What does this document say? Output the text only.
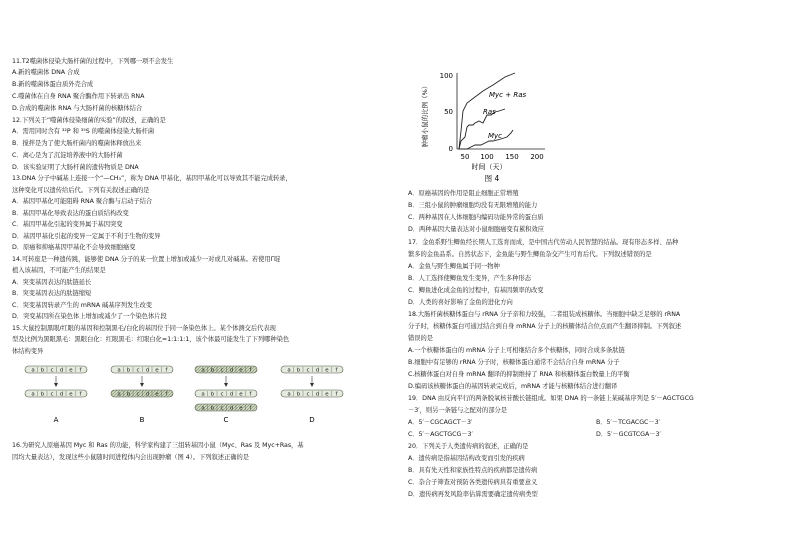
11.T2噬菌体侵染大肠杆菌的过程中，下列哪一项不会发生
A.新的噬菌体 DNA 合成
B.新的噬菌体蛋白质外壳合成
C.噬菌体在自身 RNA 聚合酶作用下转录出 RNA
D.合成的噬菌体 RNA 与大肠杆菌的核糖体结合
12.下列关于“噬菌体侵染细菌的实验”的叙述，正确的是
A．需用同时含有 ³²P 和 ³⁵S 的噬菌体侵染大肠杆菌
B．搅拌是为了使大肠杆菌内的噬菌体释放出来
C．离心是为了沉淀培养液中的大肠杆菌
D．该实验证明了大肠杆菌的遗传物质是 DNA
13.DNA 分子中碱基上连接一个“—CH₃”，称为 DNA 甲基化，基因甲基化可以导致其不能完成转录，
这种变化可以遗传给后代。下列有关叙述正确的是
A．基因甲基化可能阻碍 RNA 聚合酶与启动子结合
B．基因甲基化导致表达的蛋白质结构改变
C．基因甲基化引起的变异属于基因突变
D．基因甲基化引起的变异一定属于不利于生物的变异
D．原癌和抑癌基因甲基化不会导致细胞癌变
14.可转座是一种遗传跳，能够使 DNA 分子的某一位置上增加或减少一对或几对碱基。若使用Γ啶
植入该基因，不可能产生的结果是
A．突变基因表达的肽链延长
B．突变基因表达的肽链缩短
C．突变基因转录产生的 mRNA 碱基序列发生改变
D．突变基因所在染色体上增加或减少了一个染色体片段
15.大鼠控制黑眼/红眼的基因和控制黑毛/白化的基因位于同一条染色体上。某个体测交后代表现
型及比例为黑眼黑毛：黑眼白化：红眼黑毛：红眼白化=1:1:1:1，该个体最可能发生了下列哪种染色
体结构变异
a b c d e f
a b c d e f
A
a b c d e f
a b c d e f
B
a b c d e f
a b c d e f
a b c d e f
C
a b c d e f
a b c d e f
D
16.为研究人原癌基因 Myc 和 Ras 的功能，科学家构建了三组转基因小鼠（Myc、Ras 及 Myc+Ras，基
因均大量表达），发现这些小鼠随时间进程体内会出现肿瘤（图 4）。下列叙述正确的是
肿瘤小鼠的比例（%）
100
50
0
50 100 150 200
时间（天）
图 4
Myc + Ras
Ras
Myc
A．原癌基因的作用是阻止细胞正常增殖
B．三组小鼠的肿瘤细胞均没有无限增殖的能力
C．两种基因在人体细胞内编码功能异常的蛋白质
D．两种基因大量表达对小鼠细胞癌变有累积效应
17．金鱼系野生鲫鱼经长期人工选育而成，是中国古代劳动人民智慧的结晶。现有形态多样、品种
繁多的金鱼品系。自然状态下，金鱼能与野生鲫鱼杂交产生可育后代。下列叙述错误的是
A．金鱼与野生鲫鱼属于同一物种
B．人工选择使鲫鱼发生变异，产生多种形态
C．鲫鱼进化成金鱼的过程中，有基因频率的改变
D．人类的喜好影响了金鱼的进化方向
18.大肠杆菌核糖体蛋白与 rRNA 分子亲和力较强，二者组装成核糖体。当细胞中缺乏足够的 rRNA
分子时，核糖体蛋白可通过结合到自身 mRNA 分子上的核糖体结合位点而产生翻译抑制。下列叙述
错误的是
A.一个核糖体蛋白的 mRNA 分子上可相继结合多个核糖体，同时合成多条肽链
B.细胞中有足够的 rRNA 分子时，核糖体蛋白通常不会结合自身 mRNA 分子
C.核糖体蛋白对自身 mRNA 翻译的抑制维持了 RNA 和核糖体蛋白数量上的平衡
D.编码该核糖体蛋白的基因转录完成后，mRNA 才能与核糖体结合进行翻译
19．DNA 由反向平行的两条脱氧核苷酸长链组成。如果 DNA 的一条链上某碱基序列是 5′－AGCTGCG
－3′，则另一条链与之配对的部分是
A．5′－CGCAGCT－3′	B．5′－TCGACGC－3′
C．5′－AGCTGCG－3′	D．5′－GCGTCGA－3′
20．下列关于人类遗传病的叙述，正确的是
A．遗传病是指基因结构改变而引发的疾病
B．具有先天性和家族性特点的疾病都是遗传病
C．杂合子筛查对预防各类遗传病具有重要意义
D．遗传病再发风险率估算需要确定遗传病类型
